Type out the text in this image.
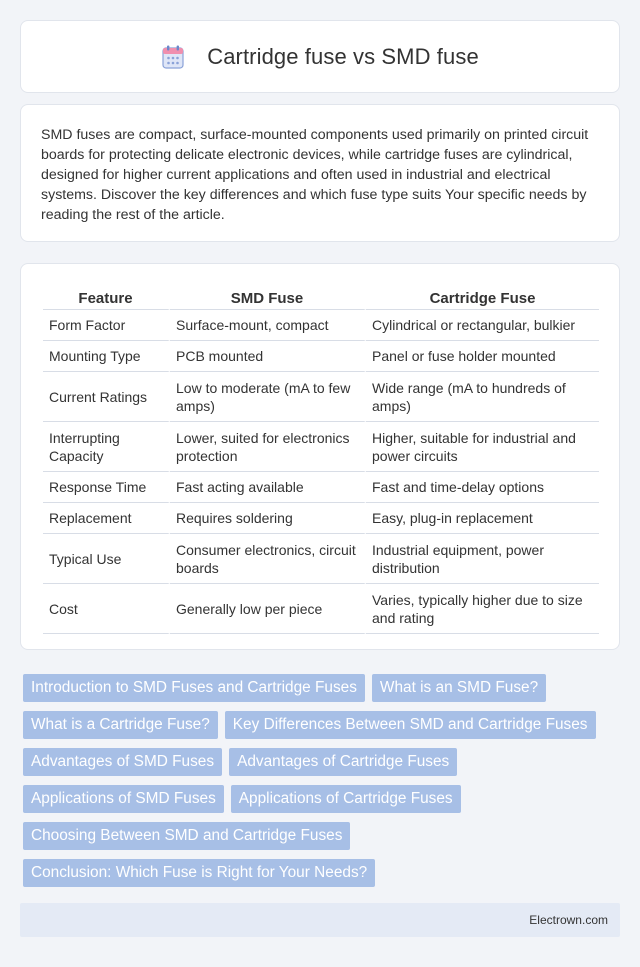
Cartridge fuse vs SMD fuse

SMD fuses are compact, surface-mounted components used primarily on printed circuit boards for protecting delicate electronic devices, while cartridge fuses are cylindrical, designed for higher current applications and often used in industrial and electrical systems. Discover the key differences and which fuse type suits Your specific needs by reading the rest of the article.

Feature	SMD Fuse	Cartridge Fuse
Form Factor	Surface-mount, compact	Cylindrical or rectangular, bulkier
Mounting Type	PCB mounted	Panel or fuse holder mounted
Current Ratings	Low to moderate (mA to few amps)	Wide range (mA to hundreds of amps)
Interrupting Capacity	Lower, suited for electronics protection	Higher, suitable for industrial and power circuits
Response Time	Fast acting available	Fast and time-delay options
Replacement	Requires soldering	Easy, plug-in replacement
Typical Use	Consumer electronics, circuit boards	Industrial equipment, power distribution
Cost	Generally low per piece	Varies, typically higher due to size and rating
Introduction to SMD Fuses and Cartridge Fuses	What is an SMD Fuse?
What is a Cartridge Fuse?	Key Differences Between SMD and Cartridge Fuses
Advantages of SMD Fuses	Advantages of Cartridge Fuses
Applications of SMD Fuses	Applications of Cartridge Fuses
Choosing Between SMD and Cartridge Fuses
Conclusion: Which Fuse is Right for Your Needs?
Electrown.com
